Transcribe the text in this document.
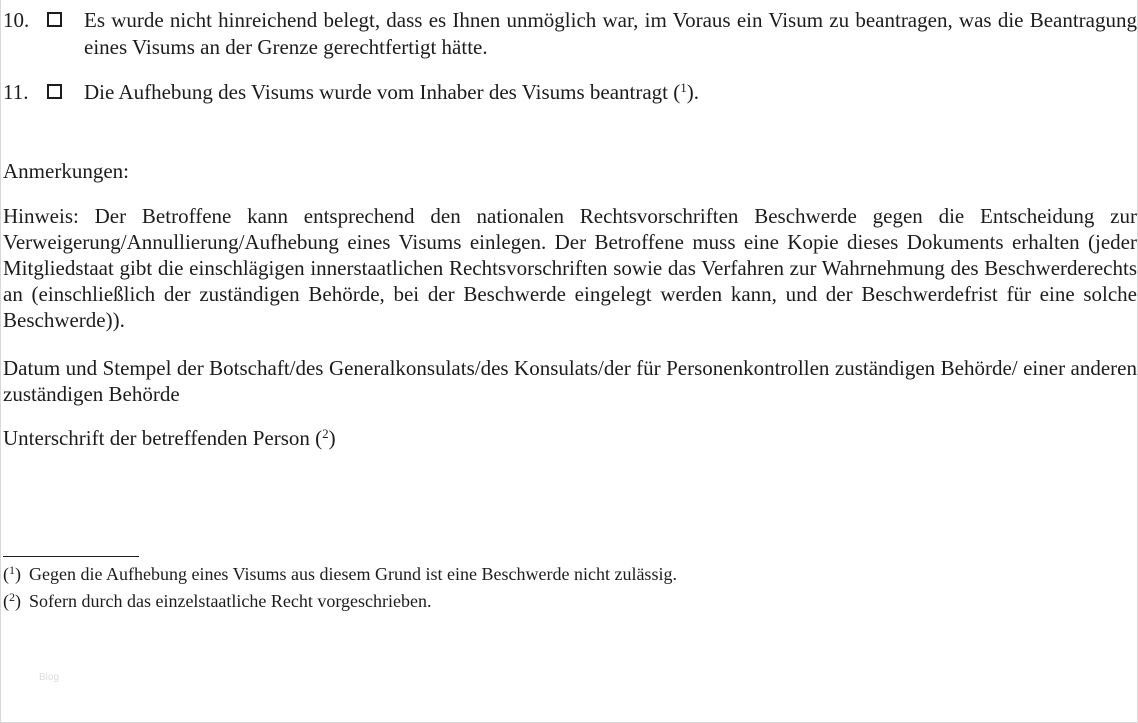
10.	Es wurde nicht hinreichend belegt, dass es Ihnen unmöglich war, im Voraus ein Visum zu beantragen, was die Beantragung eines Visums an der Grenze gerechtfertigt hätte.
11.	Die Aufhebung des Visums wurde vom Inhaber des Visums beantragt ($^1$).

Anmerkungen:

Hinweis: Der Betroffene kann entsprechend den nationalen Rechtsvorschriften Beschwerde gegen die Entscheidung zur Verweigerung/Annullierung/Aufhebung eines Visums einlegen. Der Betroffene muss eine Kopie dieses Dokuments erhalten (jeder Mitgliedstaat gibt die einschlägigen innerstaatlichen Rechtsvorschriften sowie das Verfahren zur Wahrnehmung des Beschwerderechts an (einschließlich der zuständigen Behörde, bei der Beschwerde eingelegt werden kann, und der Beschwerdefrist für eine solche Beschwerde)).

Datum und Stempel der Botschaft/des Generalkonsulats/des Konsulats/der für Personenkontrollen zuständigen Behörde/ einer anderen zuständigen Behörde

Unterschrift der betreffenden Person ($^2$)

($^1$) Gegen die Aufhebung eines Visums aus diesem Grund ist eine Beschwerde nicht zulässig.
($^2$) Sofern durch das einzelstaatliche Recht vorgeschrieben.
Blog
